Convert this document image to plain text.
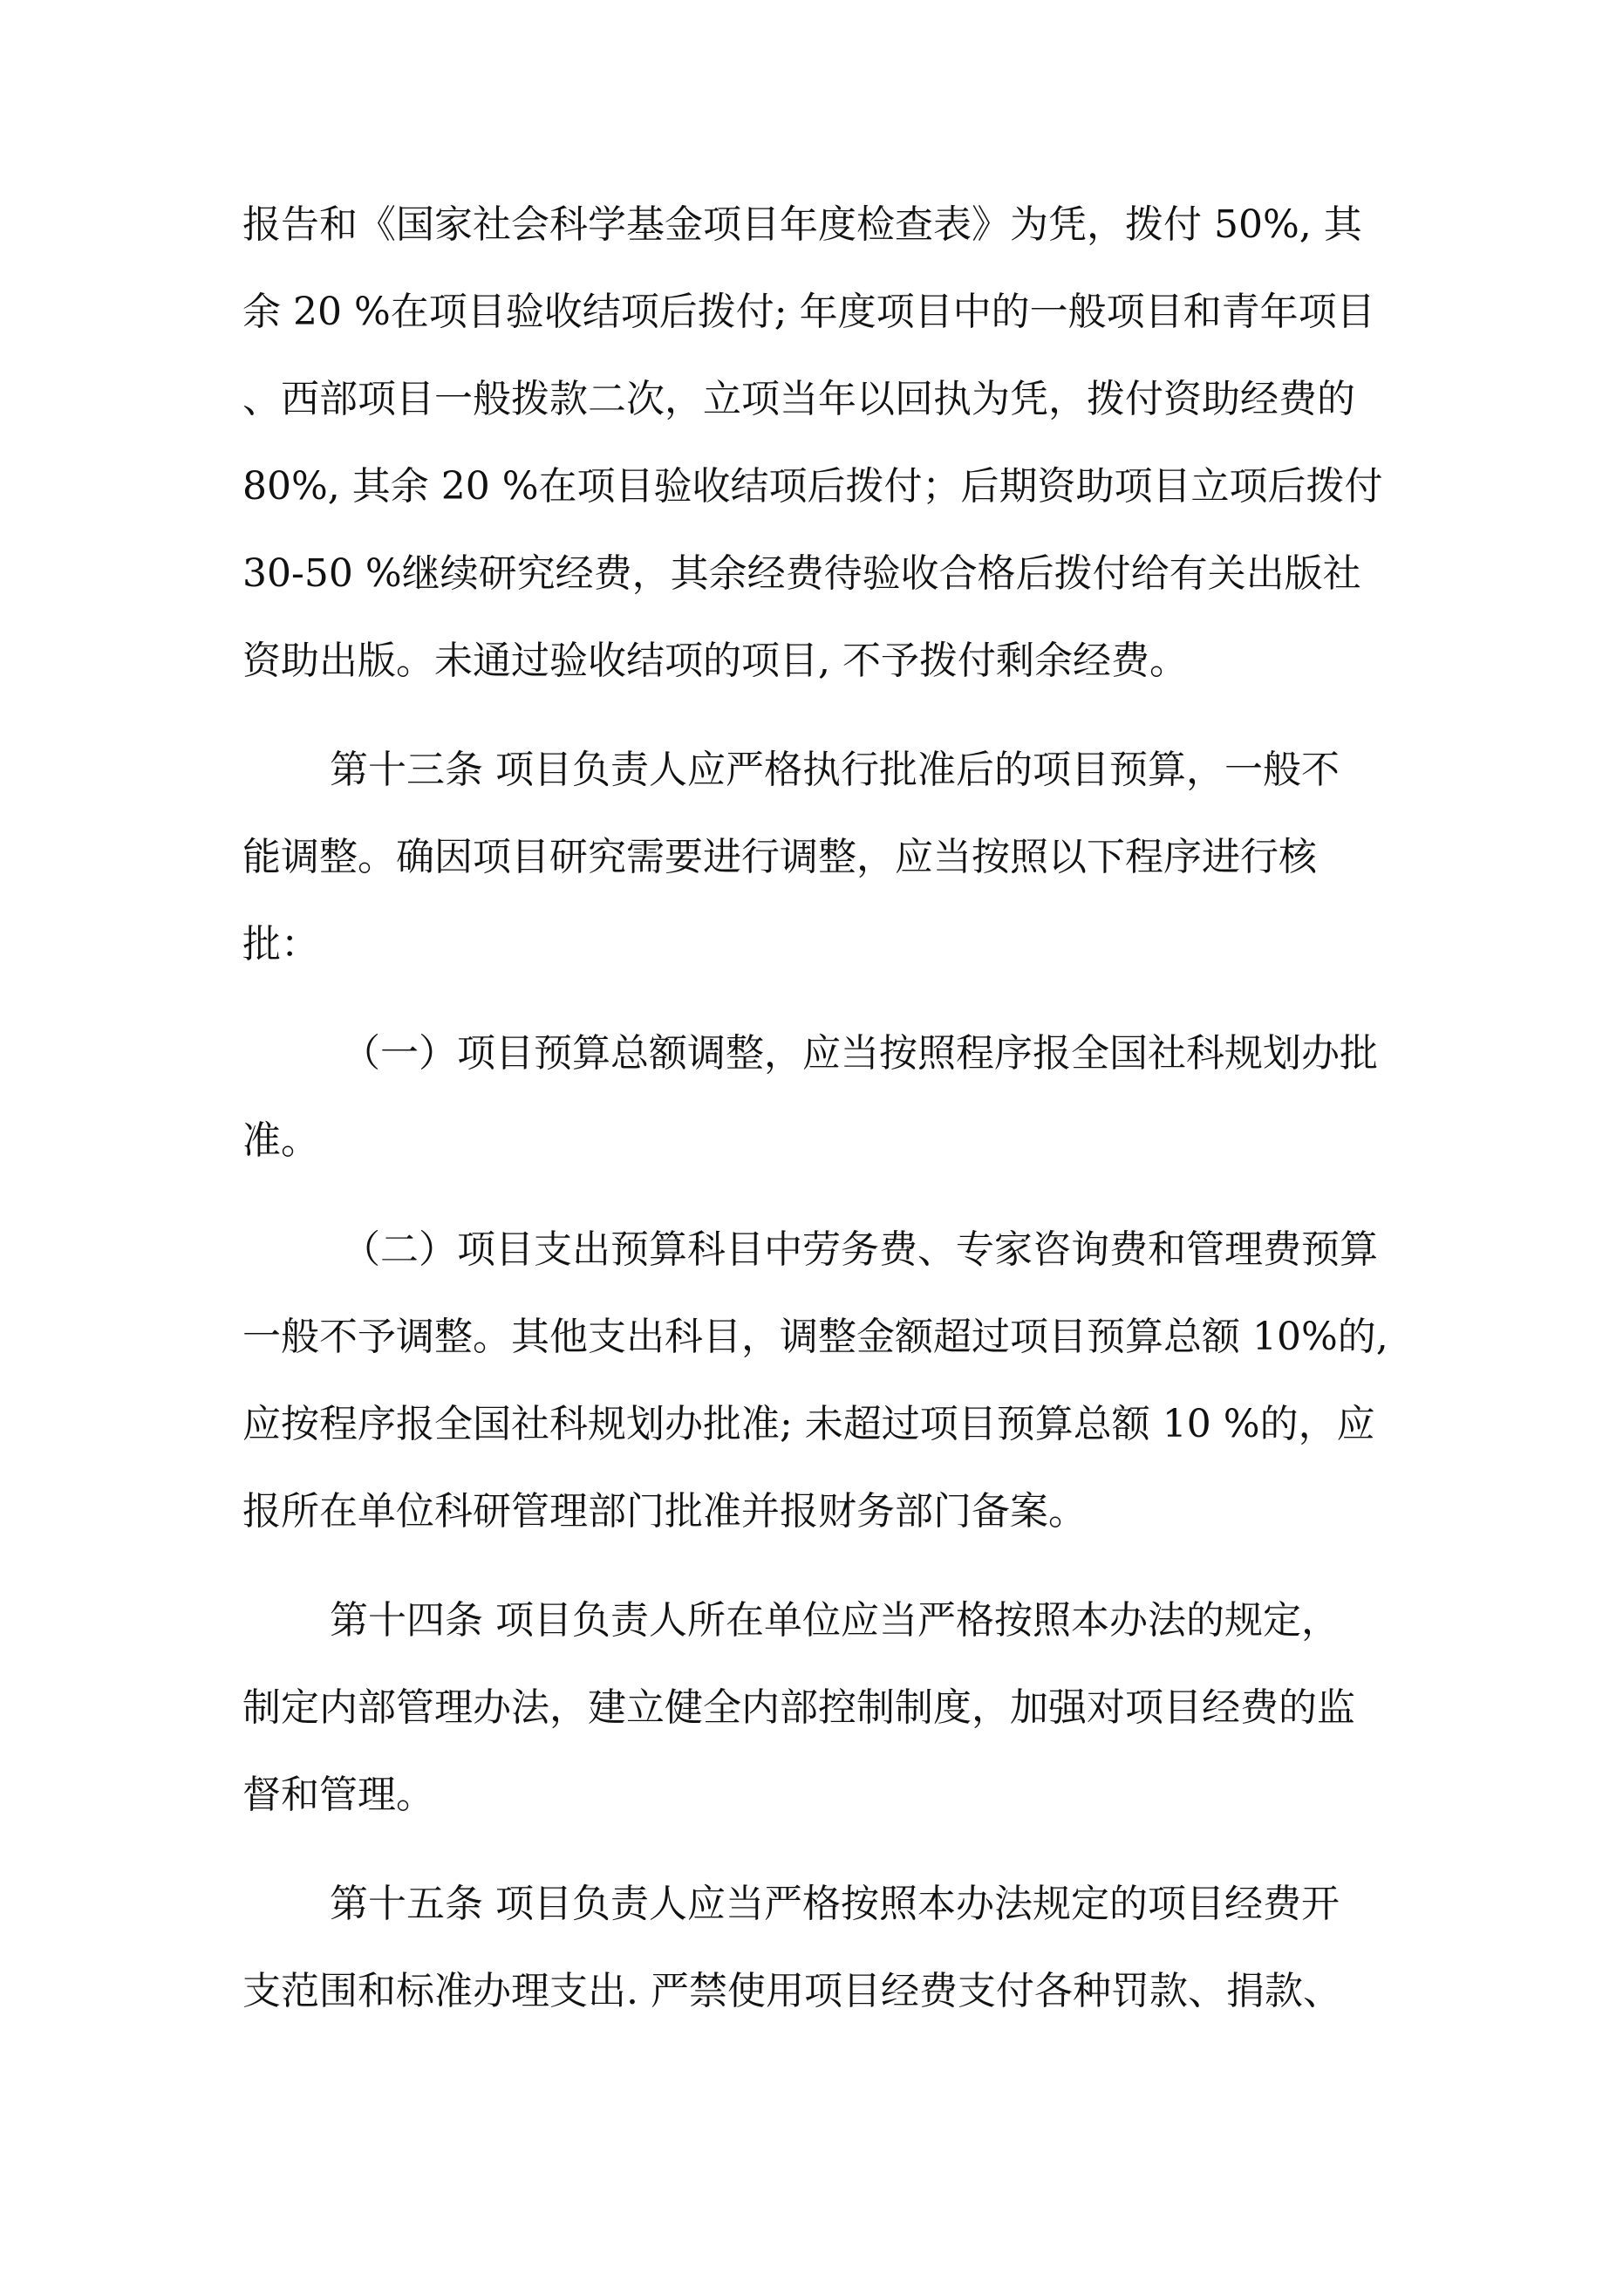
报告和《国家社会科学基金项目年度检查表》为凭，拨付 50%, 其
余 20 %在项目验收结项后拨付; 年度项目中的一般项目和青年项目
、西部项目一般拨款二次，立项当年以回执为凭，拨付资助经费的
80%, 其余 20 %在项目验收结项后拨付；后期资助项目立项后拨付
30-50 %继续研究经费，其余经费待验收合格后拨付给有关出版社
资助出版。未通过验收结项的项目, 不予拨付剩余经费。
第十三条 项目负责人应严格执行批准后的项目预算，一般不
能调整。确因项目研究需要进行调整，应当按照以下程序进行核
批：
（一）项目预算总额调整，应当按照程序报全国社科规划办批
准。
（二）项目支出预算科目中劳务费、专家咨询费和管理费预算
一般不予调整。其他支出科目，调整金额超过项目预算总额 10%的,
应按程序报全国社科规划办批准; 未超过项目预算总额 10 %的，应
报所在单位科研管理部门批准并报财务部门备案。
第十四条 项目负责人所在单位应当严格按照本办法的规定，
制定内部管理办法，建立健全内部控制制度，加强对项目经费的监
督和管理。
第十五条 项目负责人应当严格按照本办法规定的项目经费开
支范围和标准办理支出. 严禁使用项目经费支付各种罚款、捐款、
